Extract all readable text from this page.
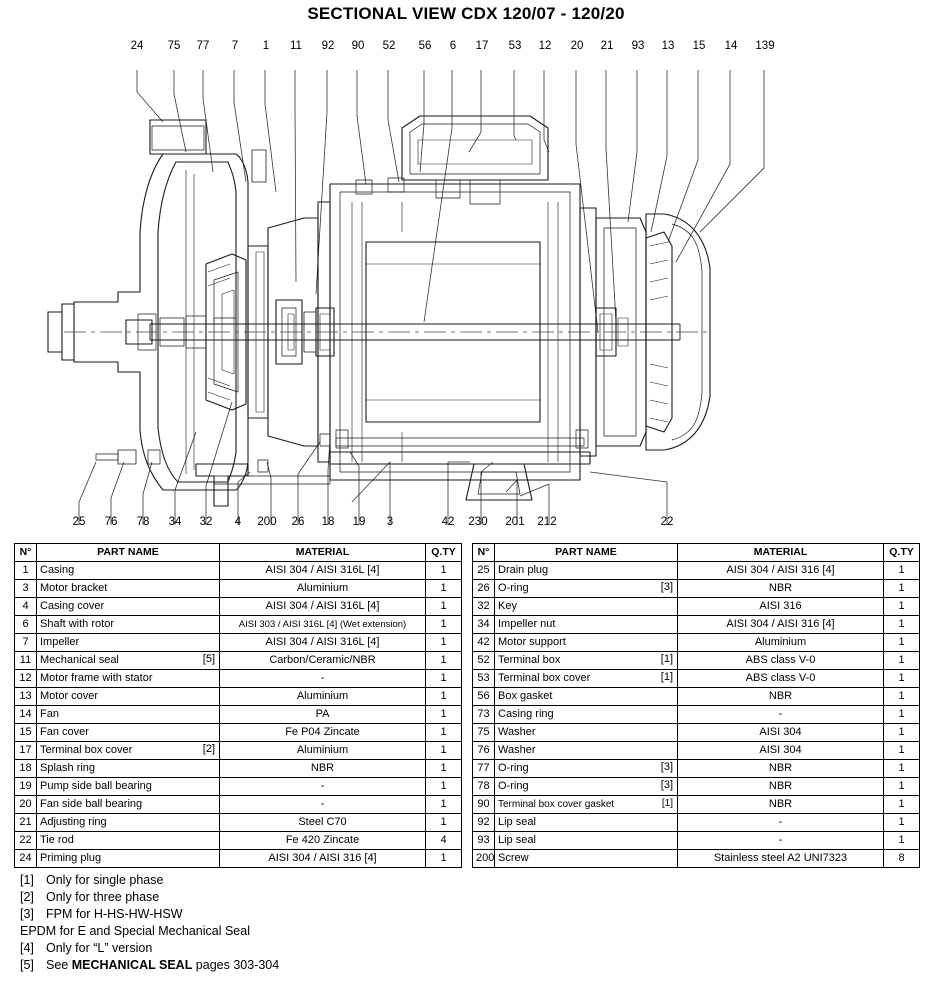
SECTIONAL VIEW CDX 120/07 - 120/20
24	75	77	7	1	11	92	90	52	56	6	17	53	12	20	21	93	13	15	14	139
25	76	78	34	32	4	200	26	18	19	3	42	230 201 212	22
N°	PART NAME	MATERIAL	Q.TY
1	Casing	AISI 304 / AISI 316L [4]	1
3	Motor bracket	Aluminium	1
4	Casing cover	AISI 304 / AISI 316L [4]	1
6	Shaft with rotor	AISI 303 / AISI 316L [4] (Wet extension)	1
7	Impeller	AISI 304 / AISI 316L [4]	1
11	Mechanical seal [5]	Carbon/Ceramic/NBR	1
12	Motor frame with stator	-	1
13	Motor cover	Aluminium	1
14	Fan	PA	1
15	Fan cover	Fe P04 Zincate	1
17	Terminal box cover [2]	Aluminium	1
18	Splash ring	NBR	1
19	Pump side ball bearing	-	1
20	Fan side ball bearing	-	1
21	Adjusting ring	Steel C70	1
22	Tie rod	Fe 420 Zincate	4
24	Priming plug	AISI 304 / AISI 316 [4]	1
N°	PART NAME	MATERIAL	Q.TY
25	Drain plug	AISI 304 / AISI 316 [4]	1
26	O-ring [3]	NBR	1
32	Key	AISI 316	1
34	Impeller nut	AISI 304 / AISI 316 [4]	1
42	Motor support	Aluminium	1
52	Terminal box [1]	ABS class V-0	1
53	Terminal box cover [1]	ABS class V-0	1
56	Box gasket	NBR	1
73	Casing ring	-	1
75	Washer	AISI 304	1
76	Washer	AISI 304	1
77	O-ring [3]	NBR	1
78	O-ring [3]	NBR	1
90	Terminal box cover gasket [1]	NBR	1
92	Lip seal	-	1
93	Lip seal	-	1
200	Screw	Stainless steel A2 UNI7323	8
[1] Only for single phase
[2] Only for three phase
[3] FPM for H-HS-HW-HSW
EPDM for E and Special Mechanical Seal
[4] Only for “L” version
[5] See MECHANICAL SEAL pages 303-304
